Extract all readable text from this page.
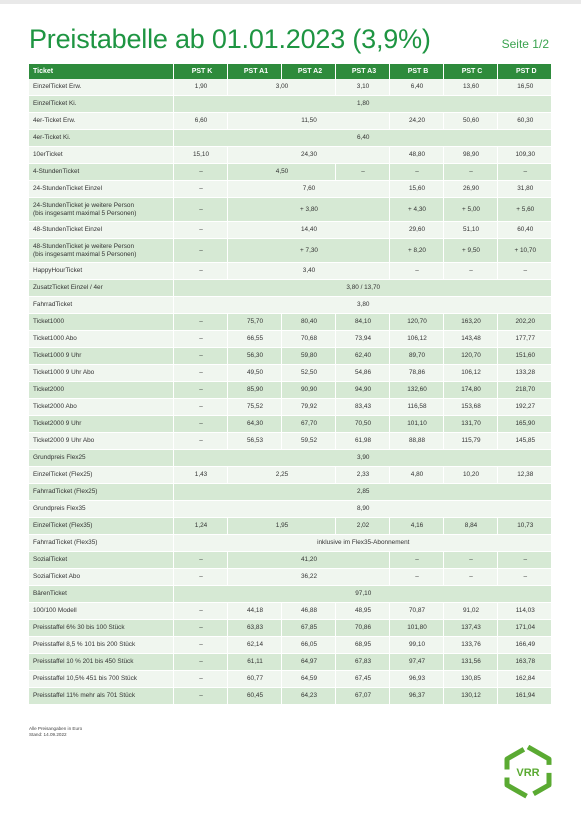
Preistabelle ab 01.01.2023 (3,9%)	Seite 1/2
Ticket	PST K	PST A1	PST A2	PST A3	PST B	PST C	PST D

EinzelTicket Erw.	1,90	3,00		3,10	6,40	13,60	16,50

EinzelTicket Ki.	1,80						

4er-Ticket Erw.	6,60	11,50			24,20	50,60	60,30

4er-Ticket Ki.	6,40						

10erTicket	15,10	24,30			48,80	98,90	109,30

4-StundenTicket	–	4,50		–	–	–	–

24-StundenTicket Einzel	–	7,60			15,60	26,90	31,80

24-StundenTicket je weitere Person
(bis insgesamt maximal 5 Personen)	–	+ 3,80			+ 4,30	+ 5,00	+ 5,60

48-StundenTicket Einzel	–	14,40			29,60	51,10	60,40

48-StundenTicket je weitere Person
(bis insgesamt maximal 5 Personen)	–	+ 7,30			+ 8,20	+ 9,50	+ 10,70

HappyHourTicket	–	3,40			–	–	–

ZusatzTicket Einzel / 4er	3,80 / 13,70						

FahrradTicket	3,80						

Ticket1000	–	75,70	80,40	84,10	120,70	163,20	202,20

Ticket1000 Abo	–	66,55	70,68	73,94	106,12	143,48	177,77

Ticket1000 9 Uhr	–	56,30	59,80	62,40	89,70	120,70	151,60

Ticket1000 9 Uhr Abo	–	49,50	52,50	54,86	78,86	106,12	133,28

Ticket2000	–	85,90	90,90	94,90	132,60	174,80	218,70

Ticket2000 Abo	–	75,52	79,92	83,43	116,58	153,68	192,27

Ticket2000 9 Uhr	–	64,30	67,70	70,50	101,10	131,70	165,90

Ticket2000 9 Uhr Abo	–	56,53	59,52	61,98	88,88	115,79	145,85

Grundpreis Flex25	3,90						

EinzelTicket (Flex25)	1,43	2,25		2,33	4,80	10,20	12,38

FahrradTicket (Flex25)	2,85						

Grundpreis Flex35	8,90						

EinzelTicket (Flex35)	1,24	1,95		2,02	4,16	8,84	10,73

FahrradTicket (Flex35)	inklusive im Flex35-Abonnement						

SozialTicket	–	41,20			–	–	–

SozialTicket Abo	–	36,22			–	–	–

BärenTicket	97,10						

100/100 Modell	–	44,18	46,88	48,95	70,87	91,02	114,03

Preisstaffel 6% 30 bis 100 Stück	–	63,83	67,85	70,86	101,80	137,43	171,04

Preisstaffel 8,5 % 101 bis 200 Stück	–	62,14	66,05	68,95	99,10	133,76	166,49

Preisstaffel 10 % 201 bis 450 Stück	–	61,11	64,97	67,83	97,47	131,56	163,78

Preisstaffel 10,5% 451 bis 700 Stück	–	60,77	64,59	67,45	96,93	130,85	162,84

Preisstaffel 11% mehr als 701 Stück	–	60,45	64,23	67,07	96,37	130,12	161,94
Alle Preisangaben in Euro
Stand: 14.09.2022
VRR
